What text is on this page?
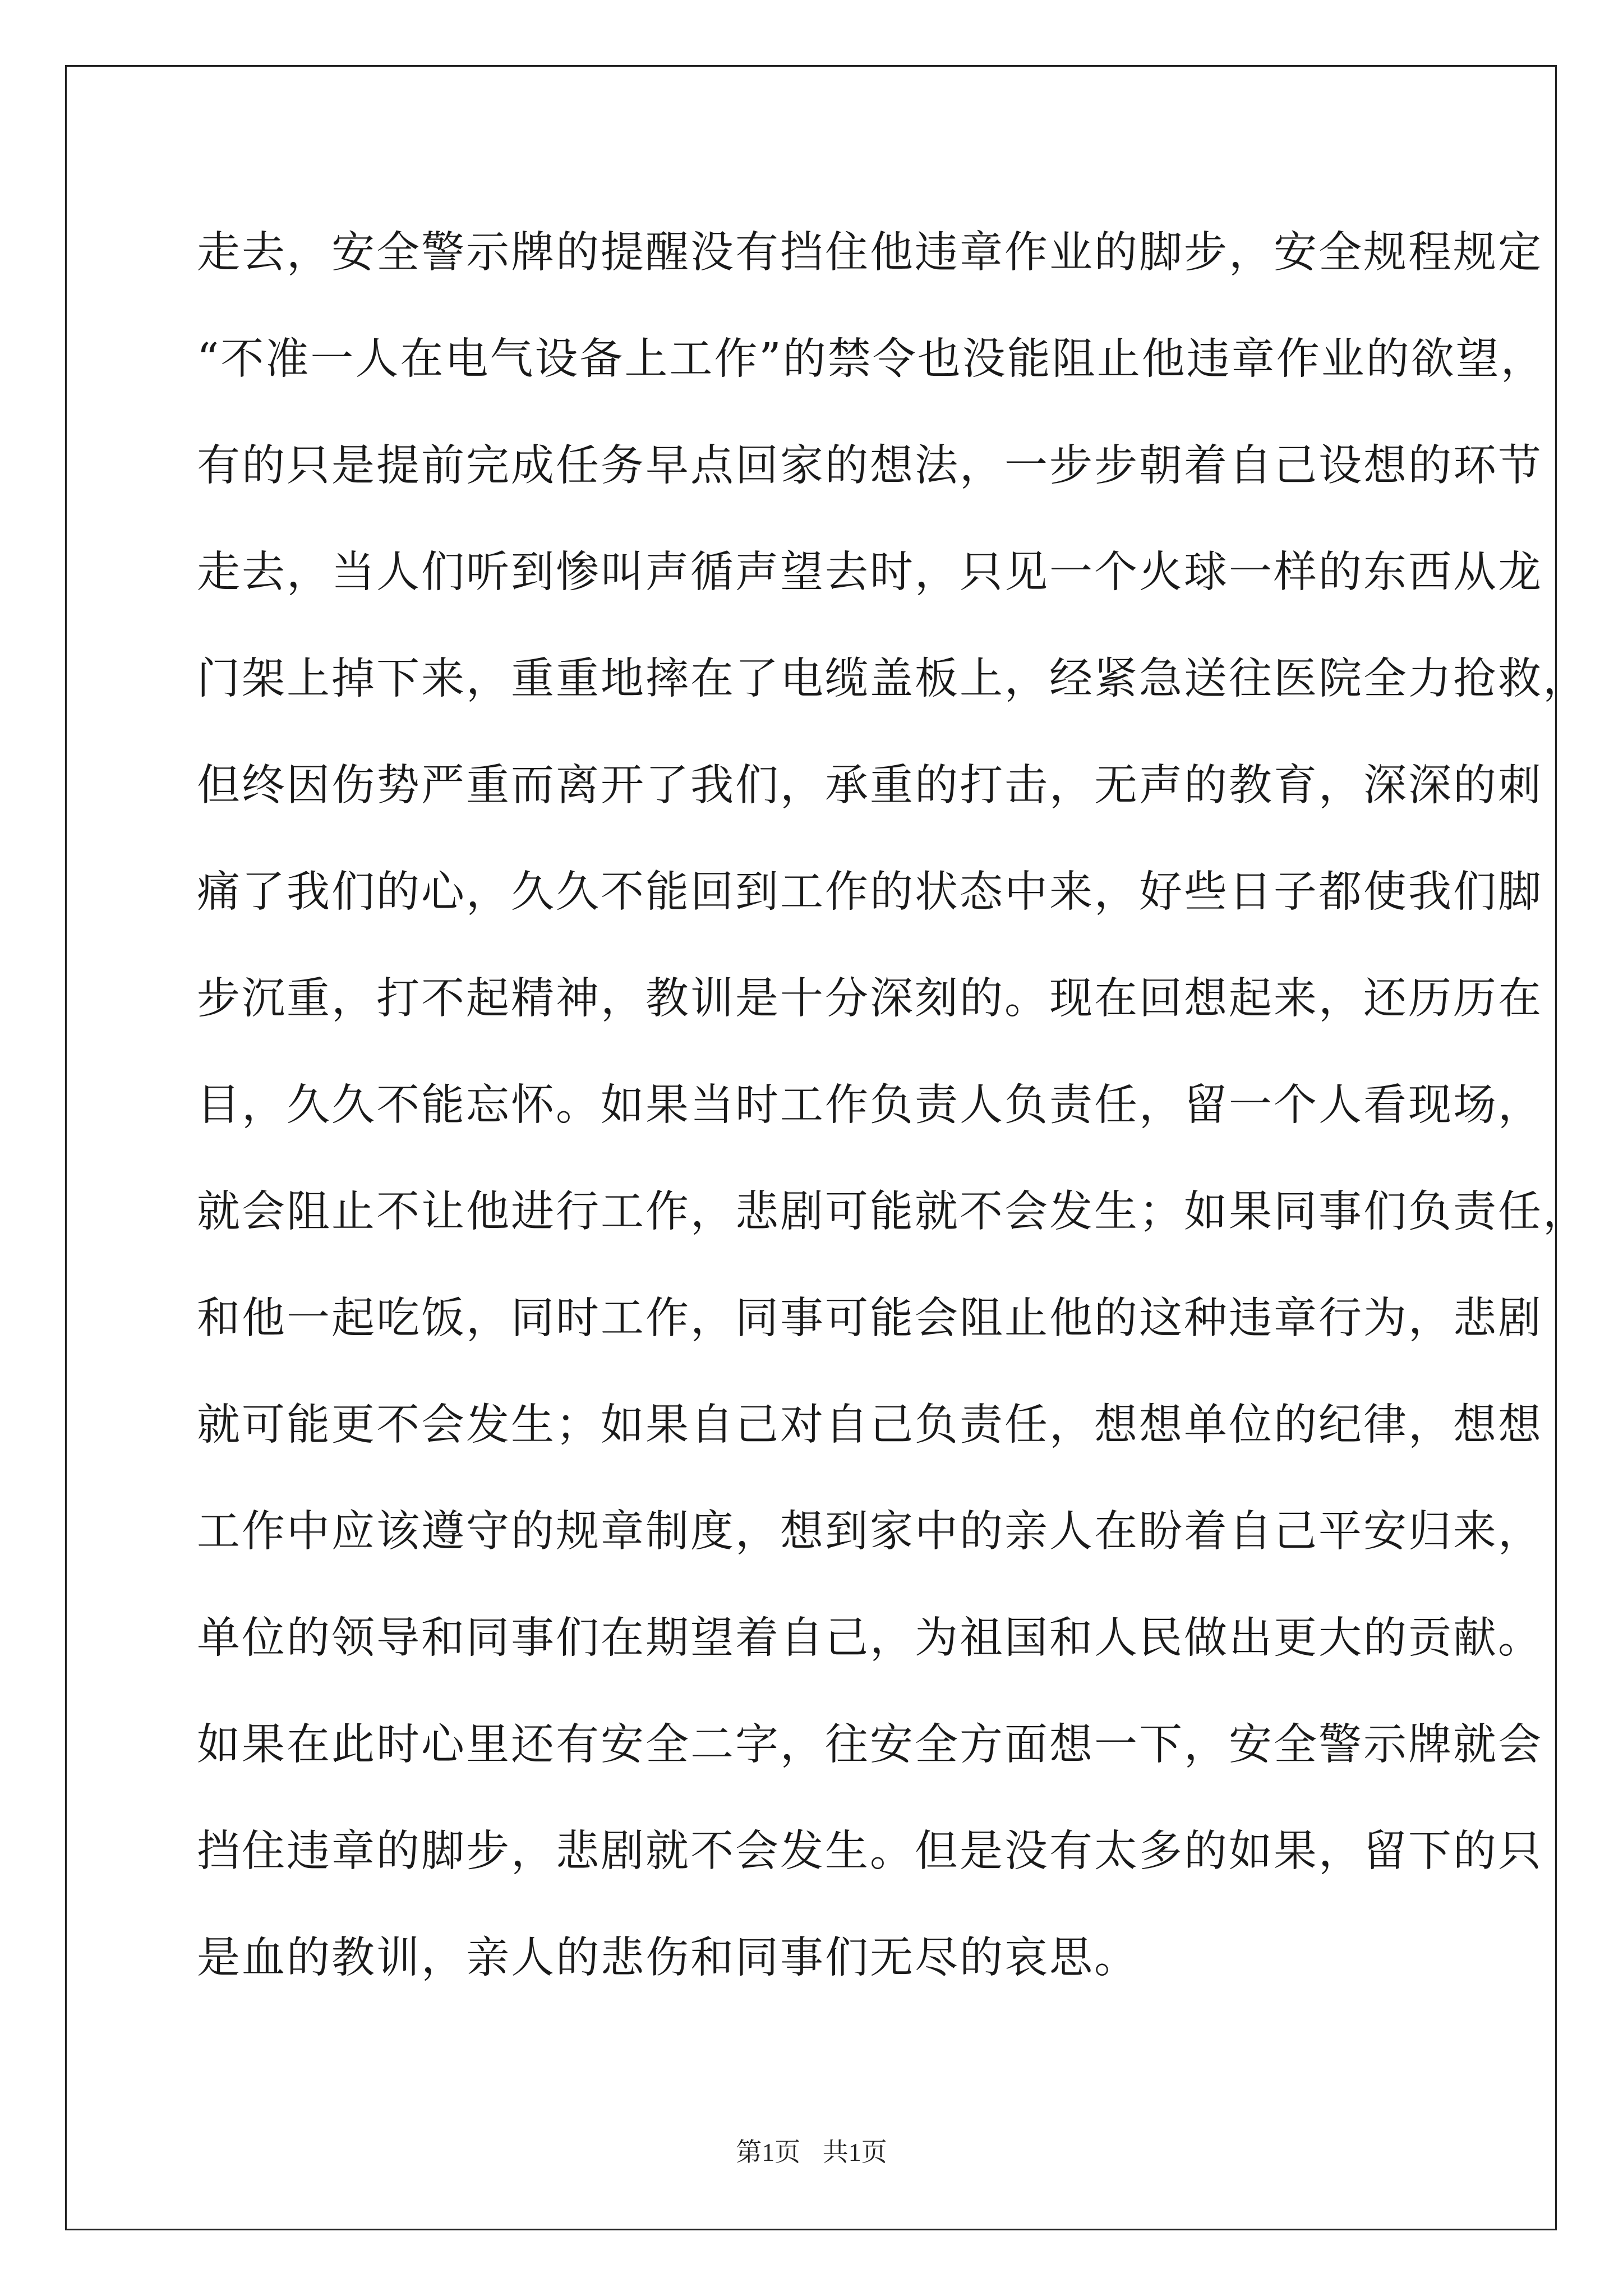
走去，安全警示牌的提醒没有挡住他违章作业的脚步，安全规程规定
“不准一人在电气设备上工作”的禁令也没能阻止他违章作业的欲望，
有的只是提前完成任务早点回家的想法，一步步朝着自己设想的环节
走去，当人们听到惨叫声循声望去时，只见一个火球一样的东西从龙
门架上掉下来，重重地摔在了电缆盖板上，经紧急送往医院全力抢救，
但终因伤势严重而离开了我们，承重的打击，无声的教育，深深的刺
痛了我们的心，久久不能回到工作的状态中来，好些日子都使我们脚
步沉重，打不起精神，教训是十分深刻的。现在回想起来，还历历在
目，久久不能忘怀。如果当时工作负责人负责任，留一个人看现场，
就会阻止不让他进行工作，悲剧可能就不会发生；如果同事们负责任，
和他一起吃饭，同时工作，同事可能会阻止他的这种违章行为，悲剧
就可能更不会发生；如果自己对自己负责任，想想单位的纪律，想想
工作中应该遵守的规章制度，想到家中的亲人在盼着自己平安归来，
单位的领导和同事们在期望着自己，为祖国和人民做出更大的贡献。
如果在此时心里还有安全二字，往安全方面想一下，安全警示牌就会
挡住违章的脚步，悲剧就不会发生。但是没有太多的如果，留下的只
是血的教训，亲人的悲伤和同事们无尽的哀思。
第1页 共1页
